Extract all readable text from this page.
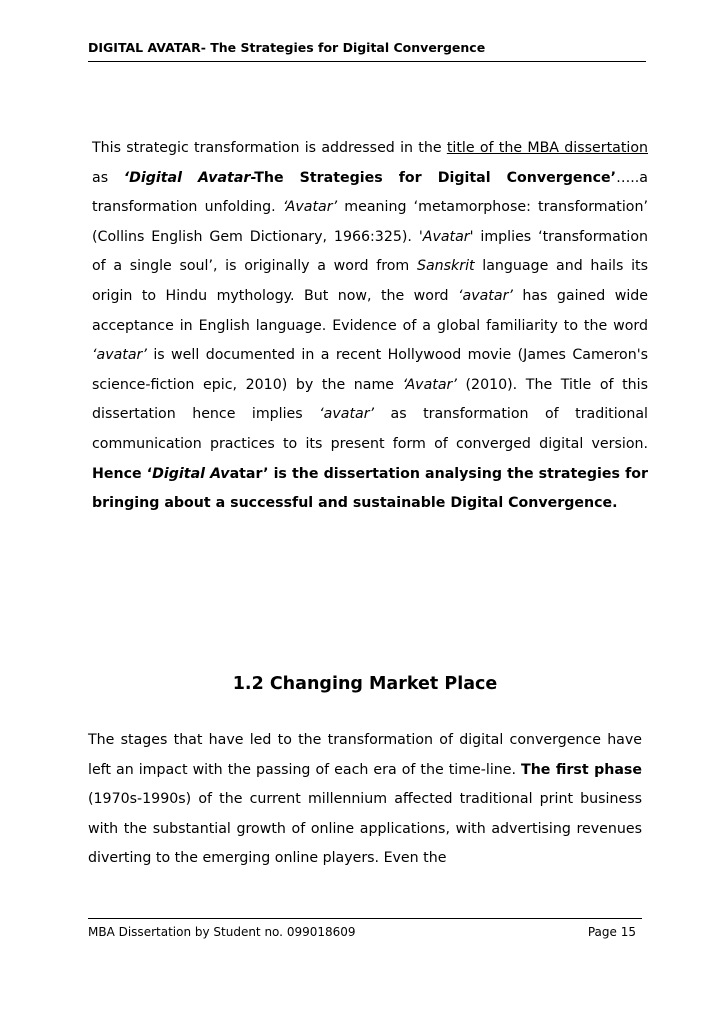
DIGITAL AVATAR- The Strategies for Digital Convergence

This strategic transformation is addressed in the title of the MBA dissertation as ‘Digital Avatar-The Strategies for Digital Convergence’…..a transformation unfolding. ‘Avatar’ meaning ‘metamorphose: transformation’ (Collins English Gem Dictionary, 1966:325). 'Avatar' implies ‘transformation of a single soul’, is originally a word from Sanskrit language and hails its origin to Hindu mythology. But now, the word ‘avatar’ has gained wide acceptance in English language. Evidence of a global familiarity to the word ‘avatar’ is well documented in a recent Hollywood movie (James Cameron's science-fiction epic, 2010) by the name ‘Avatar’ (2010). The Title of this dissertation hence implies ‘avatar’ as transformation of traditional communication practices to its present form of converged digital version. Hence ‘Digital Avatar’ is the dissertation analysing the strategies for bringing about a successful and sustainable Digital Convergence.

1.2 Changing Market Place

The stages that have led to the transformation of digital convergence have left an impact with the passing of each era of the time-line. The first phase (1970s-1990s) of the current millennium affected traditional print business with the substantial growth of online applications, with advertising revenues diverting to the emerging online players. Even the

MBA Dissertation by Student no. 099018609	Page 15
